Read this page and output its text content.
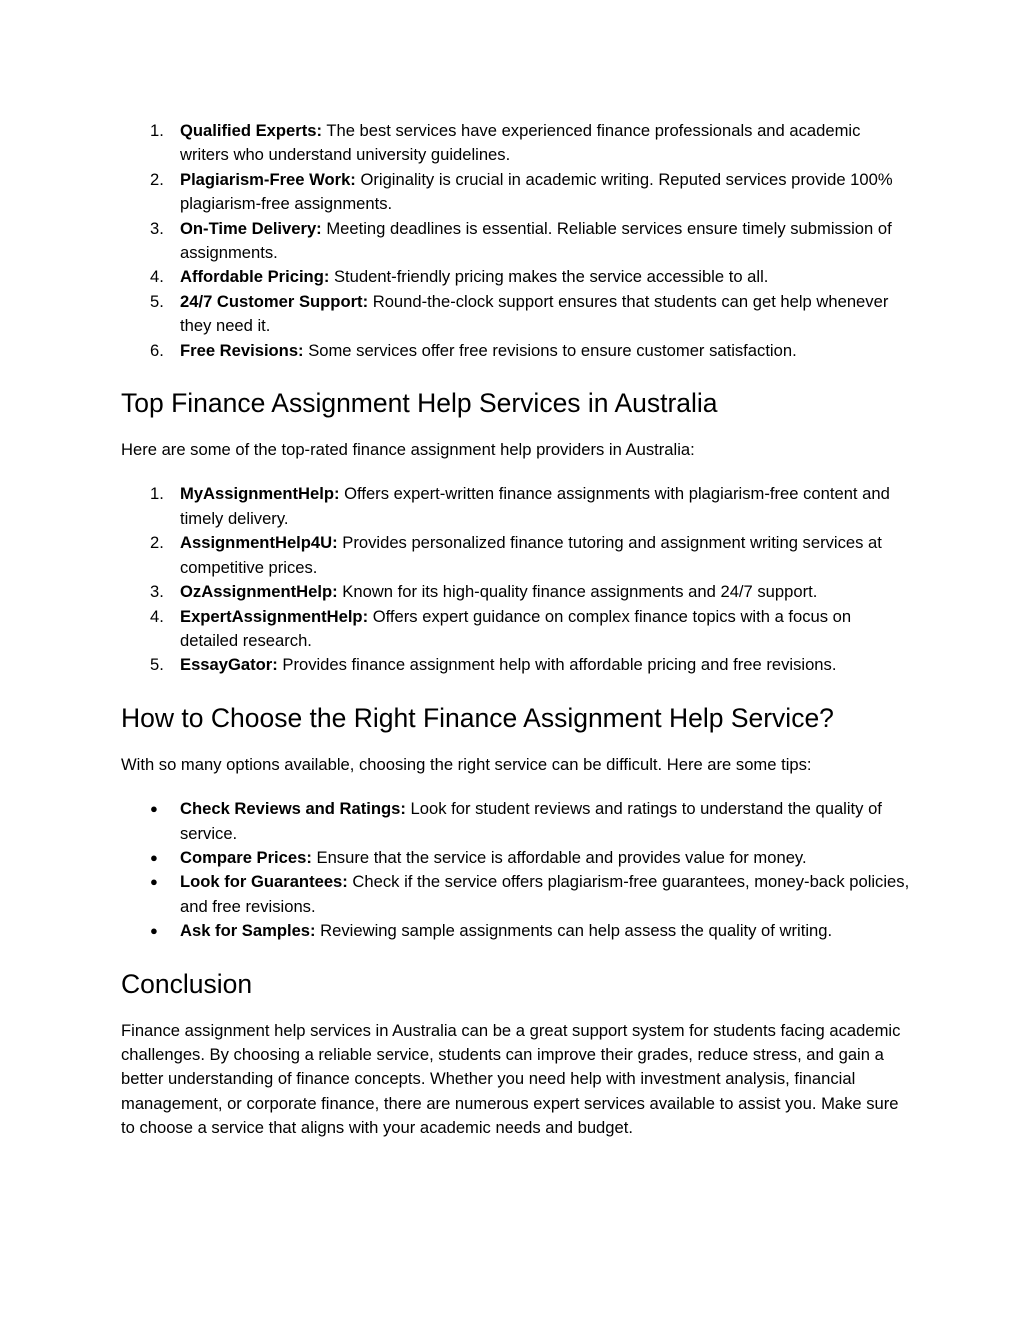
1. Qualified Experts: The best services have experienced finance professionals and academic writers who understand university guidelines.
2. Plagiarism-Free Work: Originality is crucial in academic writing. Reputed services provide 100% plagiarism-free assignments.
3. On-Time Delivery: Meeting deadlines is essential. Reliable services ensure timely submission of assignments.
4. Affordable Pricing: Student-friendly pricing makes the service accessible to all.
5. 24/7 Customer Support: Round-the-clock support ensures that students can get help whenever they need it.
6. Free Revisions: Some services offer free revisions to ensure customer satisfaction.
Top Finance Assignment Help Services in Australia

Here are some of the top-rated finance assignment help providers in Australia:

1. MyAssignmentHelp: Offers expert-written finance assignments with plagiarism-free content and timely delivery.
2. AssignmentHelp4U: Provides personalized finance tutoring and assignment writing services at competitive prices.
3. OzAssignmentHelp: Known for its high-quality finance assignments and 24/7 support.
4. ExpertAssignmentHelp: Offers expert guidance on complex finance topics with a focus on detailed research.
5. EssayGator: Provides finance assignment help with affordable pricing and free revisions.
How to Choose the Right Finance Assignment Help Service?

With so many options available, choosing the right service can be difficult. Here are some tips:

● Check Reviews and Ratings: Look for student reviews and ratings to understand the quality of service.
● Compare Prices: Ensure that the service is affordable and provides value for money.
● Look for Guarantees: Check if the service offers plagiarism-free guarantees, money-back policies, and free revisions.
● Ask for Samples: Reviewing sample assignments can help assess the quality of writing.
Conclusion

Finance assignment help services in Australia can be a great support system for students facing academic challenges. By choosing a reliable service, students can improve their grades, reduce stress, and gain a better understanding of finance concepts. Whether you need help with investment analysis, financial management, or corporate finance, there are numerous expert services available to assist you. Make sure to choose a service that aligns with your academic needs and budget.
